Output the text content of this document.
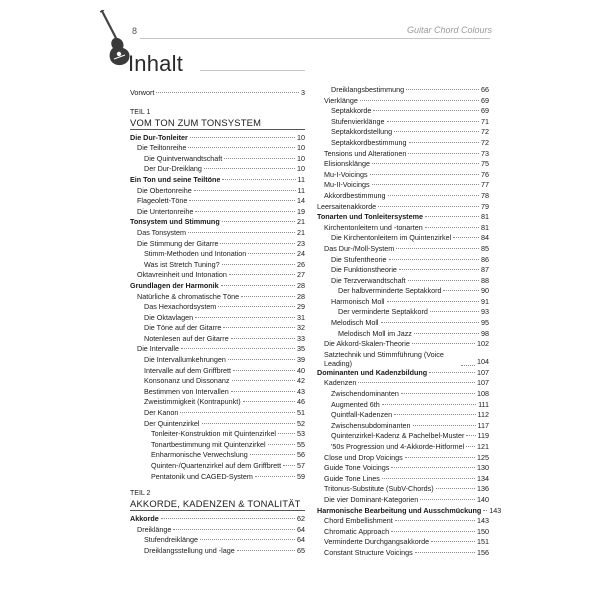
8	Guitar Chord Colours
Inhalt
Vorwort	3
TEIL 1
VOM TON ZUM TONSYSTEM
Die Dur-Tonleiter	10
Die Teiltonreihe	10
Die Quintverwandtschaft	10
Der Dur-Dreiklang	10
Ein Ton und seine Teiltöne	11
Die Obertonreihe	11
Flageolett-Töne	14
Die Untertonreihe	19
Tonsystem und Stimmung	21
Das Tonsystem	21
Die Stimmung der Gitarre	23
Stimm-Methoden und Intonation	24
Was ist Stretch Tuning?	26
Oktavreinheit und Intonation	27
Grundlagen der Harmonik	28
Natürliche & chromatische Töne	28
Das Hexachordsystem	29
Die Oktavlagen	31
Die Töne auf der Gitarre	32
Notenlesen auf der Gitarre	33
Die Intervalle	35
Die Intervallumkehrungen	39
Intervalle auf dem Griffbrett	40
Konsonanz und Dissonanz	42
Bestimmen von Intervallen	43
Zweistimmigkeit (Kontrapunkt)	46
Der Kanon	51
Der Quintenzirkel	52
Tonleiter-Konstruktion mit Quintenzirkel	53
Tonartbestimmung mit Quintenzirkel	55
Enharmonische Verwechslung	56
Quinten-/Quartenzirkel auf dem Griffbrett 57
Pentatonik und CAGED-System	59
TEIL 2
AKKORDE, KADENZEN & TONALITÄT
Akkorde	62
Dreiklänge	64
Stufendreiklänge	64
Dreiklangsstellung und -lage	65
Dreiklangsbestimmung	66
Vierklänge	69
Septakkorde	69
Stufenvierklänge	71
Septakkordstellung	72
Septakkordbestimmung	72
Tensions und Alterationen	73
Elisionsklänge	75
Mu-I-Voicings	76
Mu-II-Voicings	77
Akkordbestimmung	78
Leersaitenakkorde	79
Tonarten und Tonleitersysteme	81
Kirchentonleitern und -tonarten	81
Die Kirchentonleitern im Quintenzirkel	84
Das Dur-/Moll-System	85
Die Stufentheorie	86
Die Funktionstheorie	87
Die Terzverwandtschaft	88
Der halbverminderte Septakkord	90
Harmonisch Moll	91
Der verminderte Septakkord	93
Melodisch Moll	95
Melodisch Moll im Jazz	98
Die Akkord-Skalen-Theorie	102
Satztechnik und Stimmführung (Voice Leading)	104
Dominanten und Kadenzbildung	107
Kadenzen	107
Zwischendominanten	108
Augmented 6th	111
Quintfall-Kadenzen	112
Zwischensubdominanten	117
Quintenzirkel-Kadenz & Pachelbel-Muster 119
'50s Progression und 4-Akkorde-Hitformel 121
Close und Drop Voicings	125
Guide Tone Voicings	130
Guide Tone Lines	134
Tritonus-Substitute (SubV-Chords)	136
Die vier Dominant-Kategorien	140
Harmonische Bearbeitung und Ausschmückung 143
Chord Embellishment	143
Chromatic Approach	150
Verminderte Durchgangsakkorde	151
Constant Structure Voicings	156
